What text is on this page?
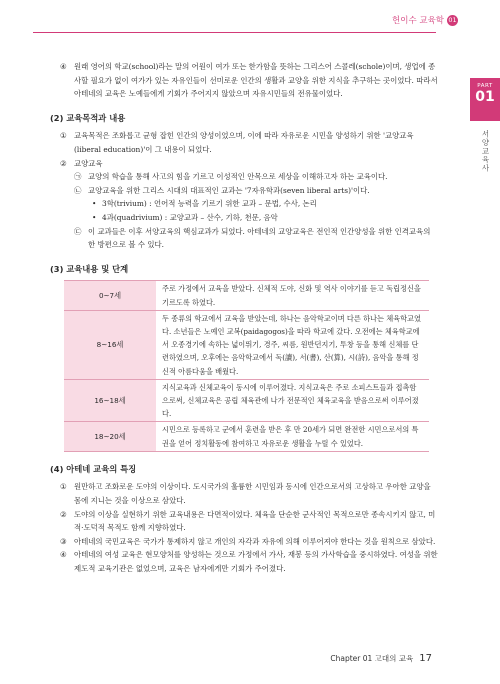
헌이수 교육학 01
PART
01
서양교육사

④ 원래 영어의 학교(school)라는 말의 어원이 여가 또는 한가함을 뜻하는 그리스어 스콜레(schole)이며, 생업에 종사할 필요가 없이 여가가 있는 자유인들이 선미로운 인간의 생활과 교양을 위한 지식을 추구하는 곳이었다. 따라서 아테네의 교육은 노예들에게 기회가 주어지지 않았으며 자유시민들의 전유물이었다.

(2) 교육목적과 내용

① 교육목적은 조화롭고 균형 잡힌 인간의 양성이었으며, 이에 따라 자유로운 시민을 양성하기 위한 '교양교육(liberal education)'이 그 내용이 되었다.

② 교양교육

㉠ 교양의 학습을 통해 사고의 힘을 기르고 이성적인 안목으로 세상을 이해하고자 하는 교육이다.

㉡ 교양교육을 위한 그리스 시대의 대표적인 교과는 '7자유학과(seven liberal arts)'이다.

• 3학(trivium) : 언어적 능력을 기르기 위한 교과 – 문법, 수사, 논리

• 4과(quadrivium) : 교양교과 – 산수, 기하, 천문, 음악

㉢ 이 교과들은 이후 서양교육의 핵심교과가 되었다. 아테네의 교양교육은 전인적 인간양성을 위한 인격교육의 한 방편으로 볼 수 있다.

(3) 교육내용 및 단계
0~7세	주로 가정에서 교육을 받았다. 신체적 도야, 신화 및 역사 이야기를 듣고 독립정신을 기르도록 하였다.
8~16세	두 종류의 학교에서 교육을 받았는데, 하나는 음악학교이며 다른 하나는 체육학교였다. 소년들은 노예인 교복(paidagogos)을 따라 학교에 갔다. 오전에는 체육학교에서 오종경기에 속하는 넓이뛰기, 경주, 씨름, 원반던지기, 투창 등을 통해 신체를 단련하였으며, 오후에는 음악학교에서 독(讀), 서(書), 산(算), 시(詩), 음악을 통해 정신적 아름다움을 배웠다.
16~18세	지식교육과 신체교육이 동시에 이루어졌다. 지식교육은 주로 소피스트들과 접촉함으로써, 신체교육은 공립 체육관에 나가 전문적인 체육교육을 받음으로써 이루어졌다.
18~20세	시민으로 등록하고 군에서 훈련을 받은 후 만 20세가 되면 완전한 시민으로서의 특권을 얻어 정치활동에 참여하고 자유로운 생활을 누릴 수 있었다.
(4) 아테네 교육의 특징

① 원만하고 조화로운 도야의 이상이다. 도시국가의 훌륭한 시민임과 동시에 인간으로서의 고상하고 우아한 교양을 몸에 지니는 것을 이상으로 삼았다.

② 도야의 이상을 실현하기 위한 교육내용은 다면적이었다. 체육을 단순한 군사적인 목적으로만 종속시키지 않고, 미적·도덕적 목적도 함께 지향하였다.

③ 아테네의 국민교육은 국가가 통제하지 않고 개인의 자각과 자유에 의해 이루어져야 한다는 것을 원칙으로 삼았다.

④ 아테네의 여성 교육은 현모양처를 양성하는 것으로 가정에서 가사, 재봉 등의 가사학습을 중시하였다. 여성을 위한 제도적 교육기관은 없었으며, 교육은 남자에게만 기회가 주어졌다.

Chapter 01 고대의 교육 17
